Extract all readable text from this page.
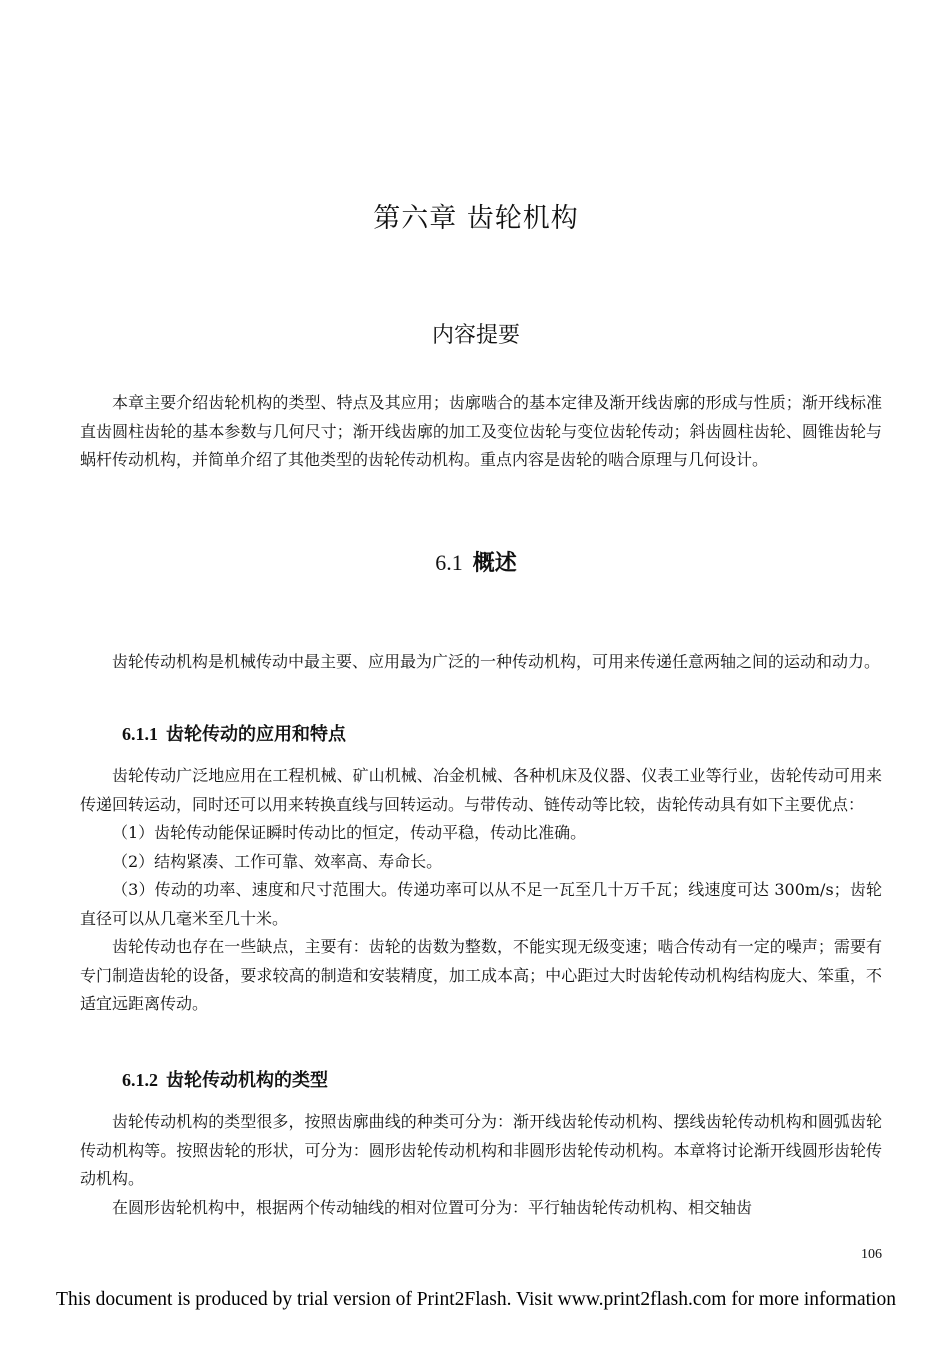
第六章 齿轮机构
内容提要

本章主要介绍齿轮机构的类型、特点及其应用；齿廓啮合的基本定律及渐开线齿廓的形成与性质；渐开线标准直齿圆柱齿轮的基本参数与几何尺寸；渐开线齿廓的加工及变位齿轮与变位齿轮传动；斜齿圆柱齿轮、圆锥齿轮与蜗杆传动机构，并简单介绍了其他类型的齿轮传动机构。重点内容是齿轮的啮合原理与几何设计。

6.1 概述

齿轮传动机构是机械传动中最主要、应用最为广泛的一种传动机构，可用来传递任意两轴之间的运动和动力。

6.1.1 齿轮传动的应用和特点

齿轮传动广泛地应用在工程机械、矿山机械、冶金机械、各种机床及仪器、仪表工业等行业，齿轮传动可用来传递回转运动，同时还可以用来转换直线与回转运动。与带传动、链传动等比较，齿轮传动具有如下主要优点：

（1）齿轮传动能保证瞬时传动比的恒定，传动平稳，传动比准确。

（2）结构紧凑、工作可靠、效率高、寿命长。

（3）传动的功率、速度和尺寸范围大。传递功率可以从不足一瓦至几十万千瓦；线速度可达 300m/s；齿轮直径可以从几毫米至几十米。

齿轮传动也存在一些缺点，主要有：齿轮的齿数为整数，不能实现无级变速；啮合传动有一定的噪声；需要有专门制造齿轮的设备，要求较高的制造和安装精度，加工成本高；中心距过大时齿轮传动机构结构庞大、笨重，不适宜远距离传动。

6.1.2 齿轮传动机构的类型

齿轮传动机构的类型很多，按照齿廓曲线的种类可分为：渐开线齿轮传动机构、摆线齿轮传动机构和圆弧齿轮传动机构等。按照齿轮的形状，可分为：圆形齿轮传动机构和非圆形齿轮传动机构。本章将讨论渐开线圆形齿轮传动机构。

在圆形齿轮机构中，根据两个传动轴线的相对位置可分为：平行轴齿轮传动机构、相交轴齿

106
This document is produced by trial version of Print2Flash. Visit www.print2flash.com for more information
